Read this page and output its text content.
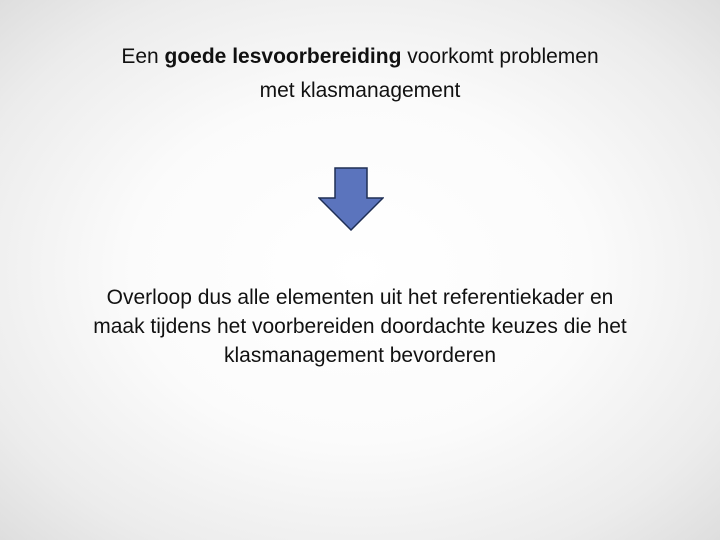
Een goede lesvoorbereiding voorkomt problemen
met klasmanagement
Overloop dus alle elementen uit het referentiekader en
maak tijdens het voorbereiden doordachte keuzes die het
klasmanagement bevorderen
